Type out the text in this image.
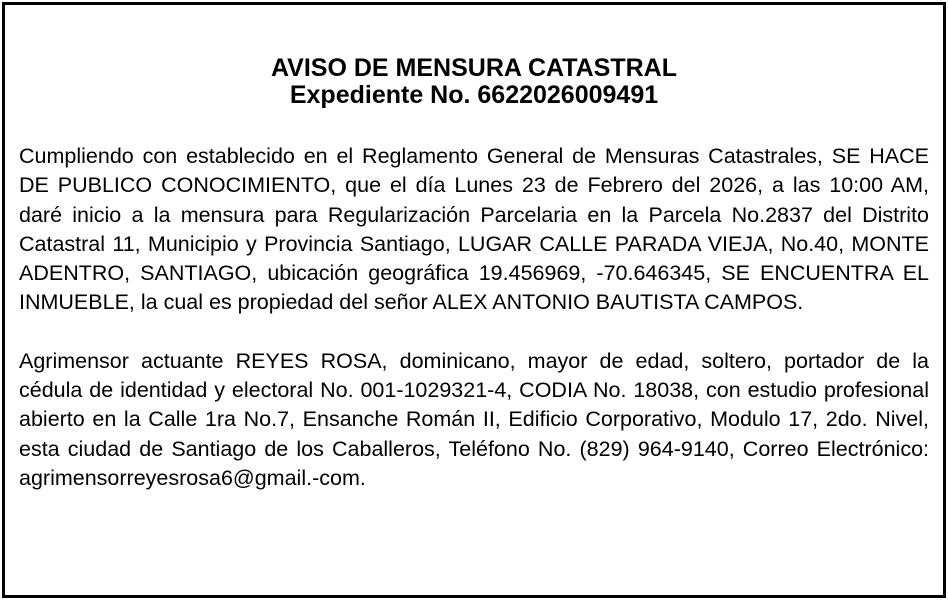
AVISO DE MENSURA CATASTRAL
Expediente No. 6622026009491

Cumpliendo con establecido en el Reglamento General de Mensuras Catastrales, SE HACE DE PUBLICO CONOCIMIENTO, que el día Lunes 23 de Febrero del 2026, a las 10:00 AM, daré inicio a la mensura para Regularización Parcelaria en la Parcela No.2837 del Distrito Catastral 11, Municipio y Provincia Santiago, LUGAR CALLE PARADA VIEJA, No.40, MONTE ADENTRO, SANTIAGO, ubicación geográfica 19.456969, -70.646345, SE ENCUENTRA EL INMUEBLE, la cual es propiedad del señor ALEX ANTONIO BAUTISTA CAMPOS.

Agrimensor actuante REYES ROSA, dominicano, mayor de edad, soltero, portador de la cédula de identidad y electoral No. 001-1029321-4, CODIA No. 18038, con estudio profesional abierto en la Calle 1ra No.7, Ensanche Román II, Edificio Corporativo, Modulo 17, 2do. Nivel, esta ciudad de Santiago de los Caballeros, Teléfono No. (829) 964-9140, Correo Electrónico: agrimensorreyesrosa6@gmail.-com.
